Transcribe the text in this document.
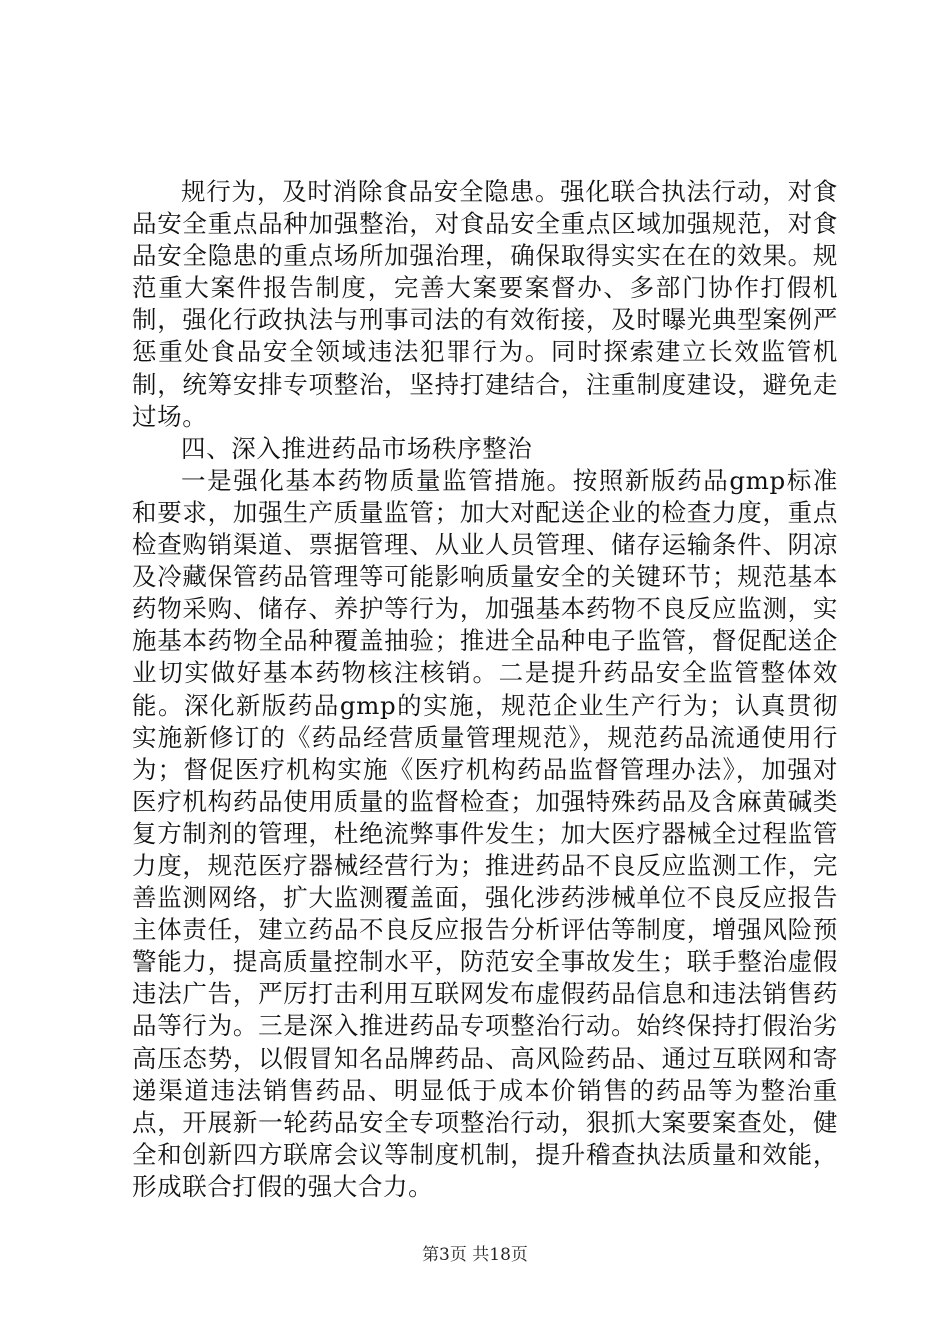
规行为，及时消除食品安全隐患。强化联合执法行动，对食品安全重点品种加强整治，对食品安全重点区域加强规范，对食品安全隐患的重点场所加强治理，确保取得实实在在的效果。规范重大案件报告制度，完善大案要案督办、多部门协作打假机制，强化行政执法与刑事司法的有效衔接，及时曝光典型案例严惩重处食品安全领域违法犯罪行为。同时探索建立长效监管机制，统筹安排专项整治，坚持打建结合，注重制度建设，避免走过场。

四、深入推进药品市场秩序整治

一是强化基本药物质量监管措施。按照新版药品gmp标准和要求，加强生产质量监管；加大对配送企业的检查力度，重点检查购销渠道、票据管理、从业人员管理、储存运输条件、阴凉及冷藏保管药品管理等可能影响质量安全的关键环节；规范基本药物采购、储存、养护等行为，加强基本药物不良反应监测，实施基本药物全品种覆盖抽验；推进全品种电子监管，督促配送企业切实做好基本药物核注核销。二是提升药品安全监管整体效能。深化新版药品gmp的实施，规范企业生产行为；认真贯彻实施新修订的《药品经营质量管理规范》，规范药品流通使用行为；督促医疗机构实施《医疗机构药品监督管理办法》，加强对医疗机构药品使用质量的监督检查；加强特殊药品及含麻黄碱类复方制剂的管理，杜绝流弊事件发生；加大医疗器械全过程监管力度，规范医疗器械经营行为；推进药品不良反应监测工作，完善监测网络，扩大监测覆盖面，强化涉药涉械单位不良反应报告主体责任，建立药品不良反应报告分析评估等制度，增强风险预警能力，提高质量控制水平，防范安全事故发生；联手整治虚假违法广告，严厉打击利用互联网发布虚假药品信息和违法销售药品等行为。三是深入推进药品专项整治行动。始终保持打假治劣高压态势，以假冒知名品牌药品、高风险药品、通过互联网和寄递渠道违法销售药品、明显低于成本价销售的药品等为整治重点，开展新一轮药品安全专项整治行动，狠抓大案要案查处，健全和创新四方联席会议等制度机制，提升稽查执法质量和效能，形成联合打假的强大合力。

第3页 共18页
